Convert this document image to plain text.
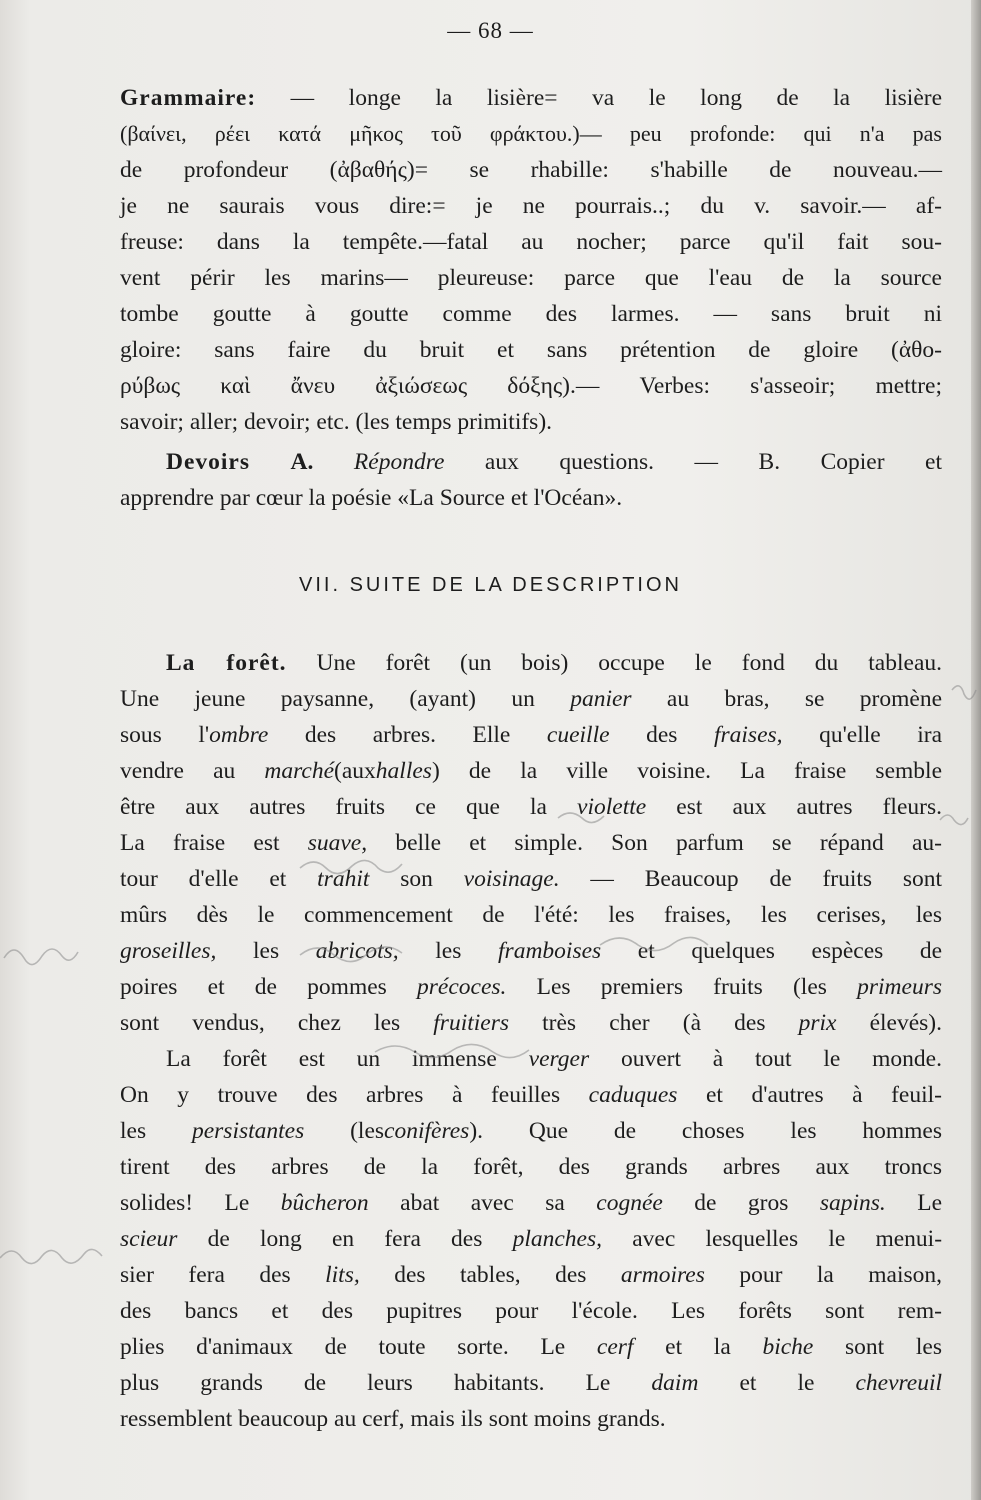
— 68 —
Grammaire: — longe la lisière= va le long de la lisière
(βαίνει, ρέει κατά μῆκος τοῦ φράκτου.)— peu profonde: qui n'a pas
de profondeur (ἀβαθής)= se rhabille: s'habille de nouveau.—
je ne saurais vous dire:= je ne pourrais..; du v. savoir.— af-
freuse: dans la tempête.—fatal au nocher; parce qu'il fait sou-
vent périr les marins— pleureuse: parce que l'eau de la source
tombe goutte à goutte comme des larmes. — sans bruit ni
gloire: sans faire du bruit et sans prétention de gloire (ἀθο-
ρύβως καὶ ἄνευ ἀξιώσεως δόξης).— Verbes: s'asseoir; mettre;
savoir; aller; devoir; etc. (les temps primitifs).
Devoirs A. Répondre aux questions. — B. Copier et
apprendre par cœur la poésie «La Source et l'Océan».
VII. SUITE DE LA DESCRIPTION
La forêt. Une forêt (un bois) occupe le fond du tableau.
Une jeune paysanne, (ayant) un panier au bras, se promène
sous l'ombre des arbres. Elle cueille des fraises, qu'elle ira
vendre au marché(auxhalles) de la ville voisine. La fraise semble
être aux autres fruits ce que la violette est aux autres fleurs.
La fraise est suave, belle et simple. Son parfum se répand au-
tour d'elle et trahit son voisinage. — Beaucoup de fruits sont
mûrs dès le commencement de l'été: les fraises, les cerises, les
groseilles, les abricots, les framboises et quelques espèces de
poires et de pommes précoces. Les premiers fruits (les primeurs
sont vendus, chez les fruitiers très cher (à des prix élevés).
La forêt est un immense verger ouvert à tout le monde.
On y trouve des arbres à feuilles caduques et d'autres à feuil-
les persistantes (lesconifères). Que de choses les hommes
tirent des arbres de la forêt, des grands arbres aux troncs
solides! Le bûcheron abat avec sa cognée de gros sapins. Le
scieur de long en fera des planches, avec lesquelles le menui-
sier fera des lits, des tables, des armoires pour la maison,
des bancs et des pupitres pour l'école. Les forêts sont rem-
plies d'animaux de toute sorte. Le cerf et la biche sont les
plus grands de leurs habitants. Le daim et le chevreuil
ressemblent beaucoup au cerf, mais ils sont moins grands.
